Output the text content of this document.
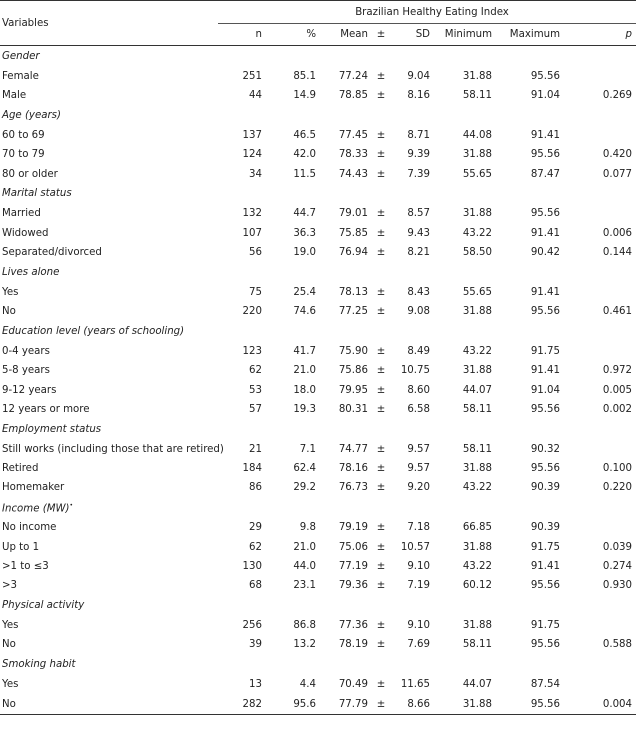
Variables	Brazilian Healthy Eating Index							
	n	%	Mean	±	SD	Minimum	Maximum	p
Gender								
Female	251	85.1	77.24	±	9.04	31.88	95.56	
Male	44	14.9	78.85	±	8.16	58.11	91.04	0.269
Age (years)								
60 to 69	137	46.5	77.45	±	8.71	44.08	91.41	
70 to 79	124	42.0	78.33	±	9.39	31.88	95.56	0.420
80 or older	34	11.5	74.43	±	7.39	55.65	87.47	0.077
Marital status								
Married	132	44.7	79.01	±	8.57	31.88	95.56	
Widowed	107	36.3	75.85	±	9.43	43.22	91.41	0.006
Separated/divorced	56	19.0	76.94	±	8.21	58.50	90.42	0.144
Lives alone								
Yes	75	25.4	78.13	±	8.43	55.65	91.41	
No	220	74.6	77.25	±	9.08	31.88	95.56	0.461
Education level (years of schooling)								
0-4 years	123	41.7	75.90	±	8.49	43.22	91.75	
5-8 years	62	21.0	75.86	±	10.75	31.88	91.41	0.972
9-12 years	53	18.0	79.95	±	8.60	44.07	91.04	0.005
12 years or more	57	19.3	80.31	±	6.58	58.11	95.56	0.002
Employment status								
Still works (including those that are retired)	21	7.1	74.77	±	9.57	58.11	90.32	
Retired	184	62.4	78.16	±	9.57	31.88	95.56	0.100
Homemaker	86	29.2	76.73	±	9.20	43.22	90.39	0.220
Income (MW)•
No income	29	9.8	79.19	±	7.18	66.85	90.39	
Up to 1	62	21.0	75.06	±	10.57	31.88	91.75	0.039
>1 to ≤3	130	44.0	77.19	±	9.10	43.22	91.41	0.274
>3	68	23.1	79.36	±	7.19	60.12	95.56	0.930
Physical activity								
Yes	256	86.8	77.36	±	9.10	31.88	91.75	
No	39	13.2	78.19	±	7.69	58.11	95.56	0.588
Smoking habit								
Yes	13	4.4	70.49	±	11.65	44.07	87.54	
No	282	95.6	77.79	±	8.66	31.88	95.56	0.004
